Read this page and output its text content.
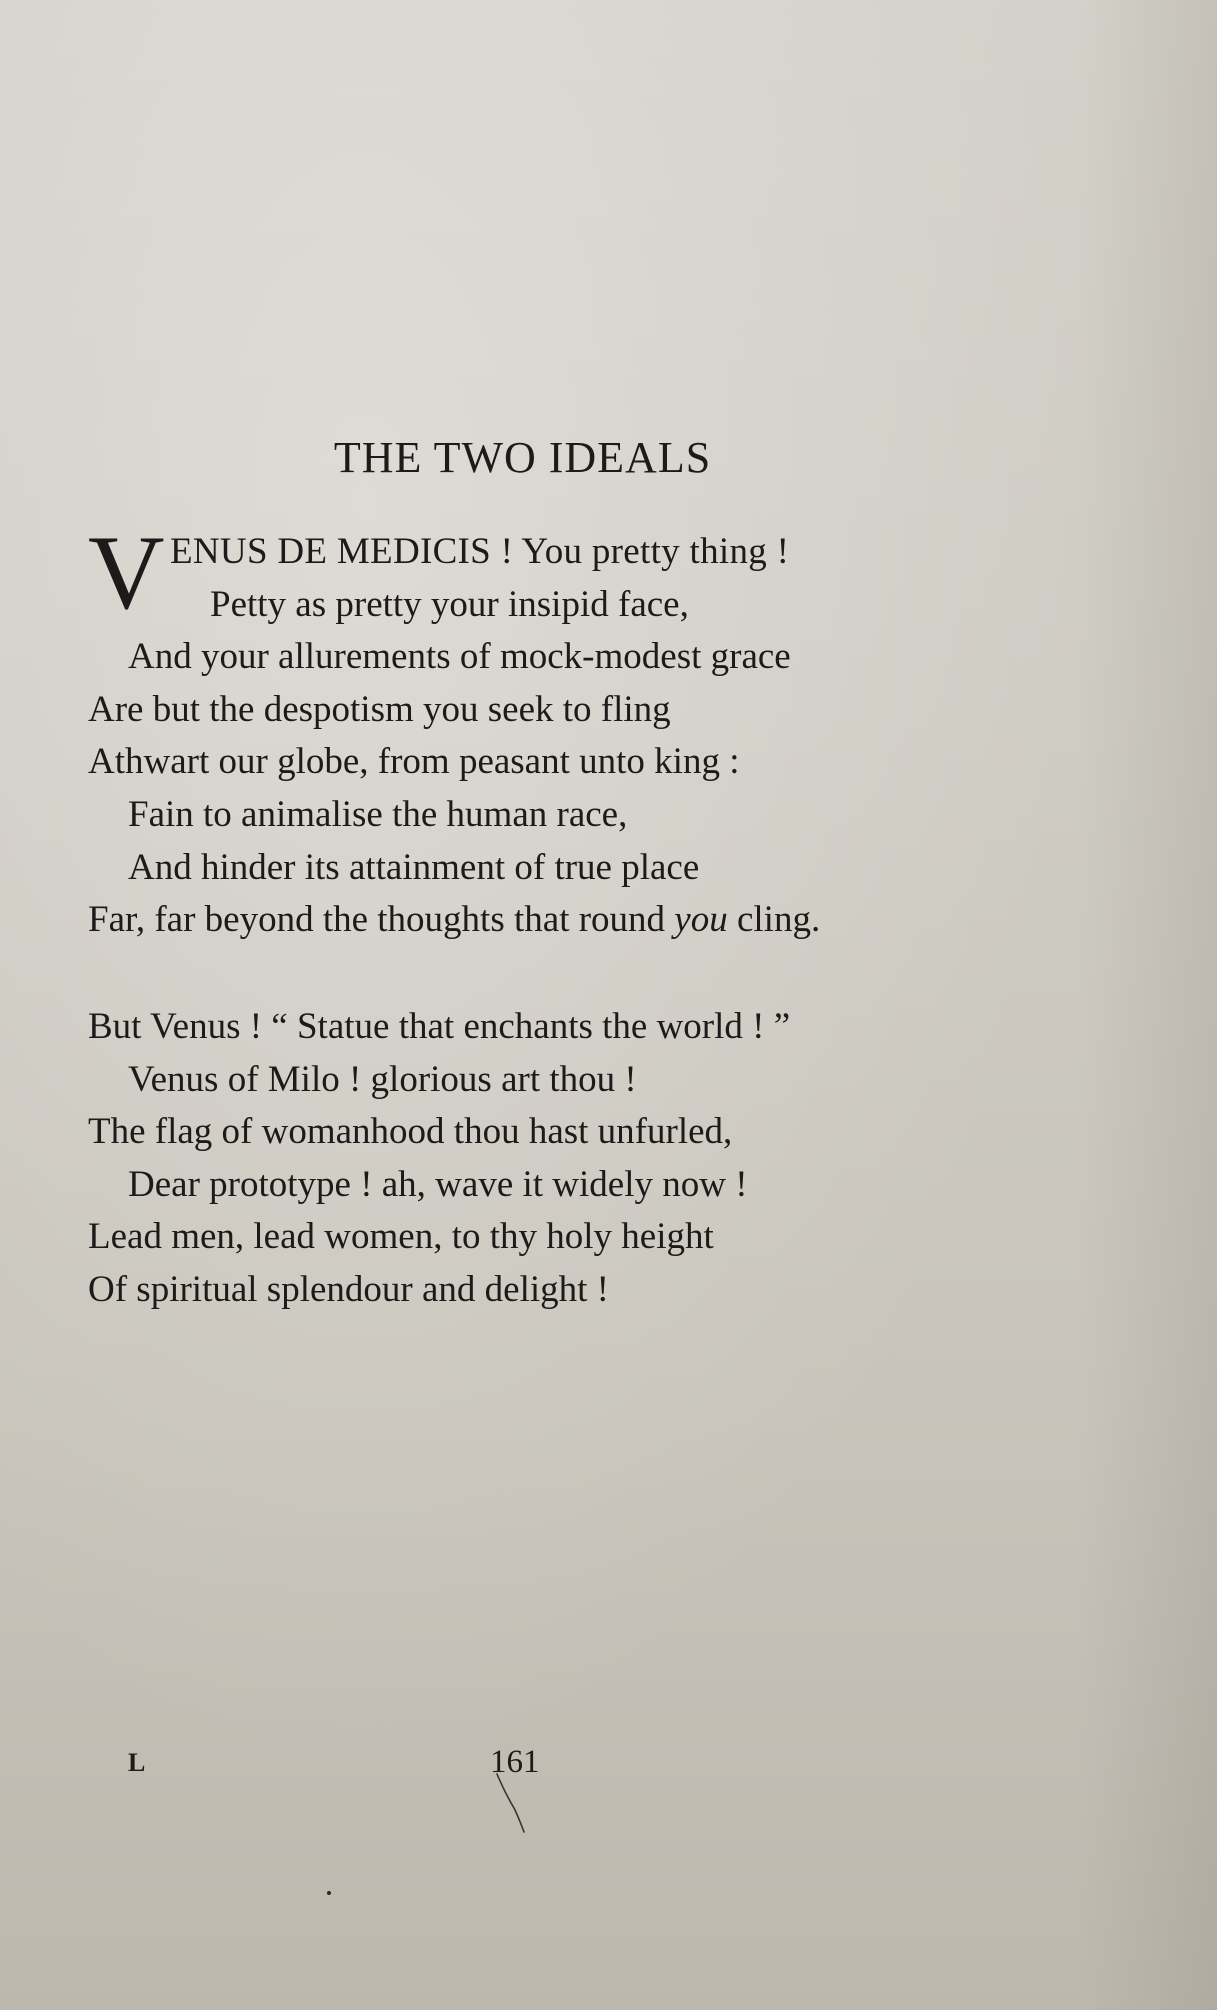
THE TWO IDEALS
V ENUS DE MEDICIS ! You pretty thing !
Petty as pretty your insipid face,
And your allurements of mock-modest grace
Are but the despotism you seek to fling
Athwart our globe, from peasant unto king :
Fain to animalise the human race,
And hinder its attainment of true place
Far, far beyond the thoughts that round you cling.
But Venus ! “ Statue that enchants the world ! ”
Venus of Milo ! glorious art thou !
The flag of womanhood thou hast unfurled,
Dear prototype ! ah, wave it widely now !
Lead men, lead women, to thy holy height
Of spiritual splendour and delight !
L	161
